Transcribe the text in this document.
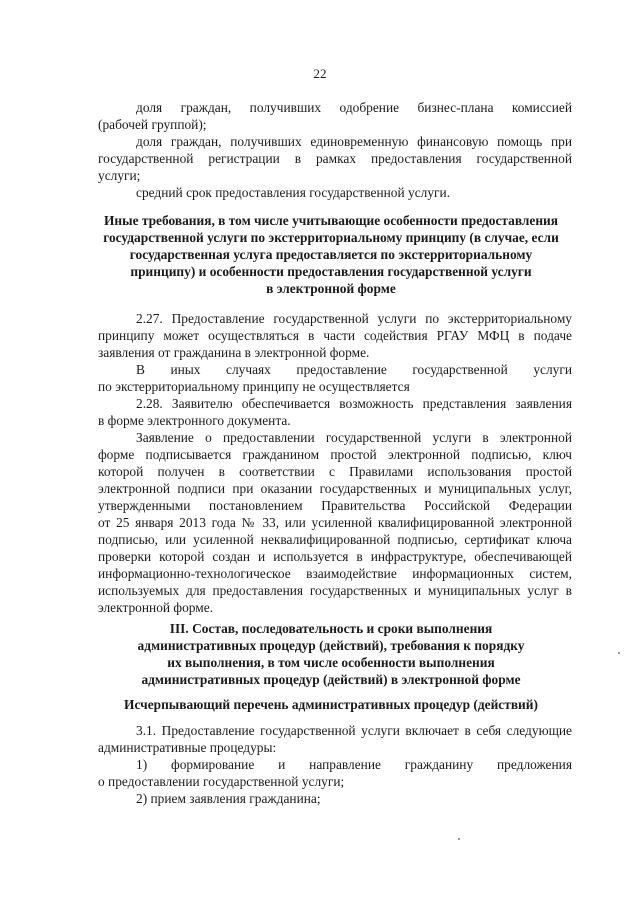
22
доля граждан, получивших одобрение бизнес-плана комиссией
(рабочей группой);
доля граждан, получивших единовременную финансовую помощь при
государственной регистрации в рамках предоставления государственной
услуги;
средний срок предоставления государственной услуги.
Иные требования, в том числе учитывающие особенности предоставления
государственной услуги по экстерриториальному принципу (в случае, если
государственная услуга предоставляется по экстерриториальному
принципу) и особенности предоставления государственной услуги
в электронной форме
2.27. Предоставление государственной услуги по экстерриториальному
принципу может осуществляться в части содействия РГАУ МФЦ в подаче
заявления от гражданина в электронной форме.
В иных случаях предоставление государственной услуги
по экстерриториальному принципу не осуществляется
2.28. Заявителю обеспечивается возможность представления заявления
в форме электронного документа.
Заявление о предоставлении государственной услуги в электронной
форме подписывается гражданином простой электронной подписью, ключ
которой получен в соответствии с Правилами использования простой
электронной подписи при оказании государственных и муниципальных услуг,
утвержденными постановлением Правительства Российской Федерации
от 25 января 2013 года № 33, или усиленной квалифицированной электронной
подписью, или усиленной неквалифицированной подписью, сертификат ключа
проверки которой создан и используется в инфраструктуре, обеспечивающей
информационно-технологическое взаимодействие информационных систем,
используемых для предоставления государственных и муниципальных услуг в
электронной форме.
III. Состав, последовательность и сроки выполнения
административных процедур (действий), требования к порядку
их выполнения, в том числе особенности выполнения
административных процедур (действий) в электронной форме
Исчерпывающий перечень административных процедур (действий)
3.1. Предоставление государственной услуги включает в себя следующие
административные процедуры:
1) формирование и направление гражданину предложения
о предоставлении государственной услуги;
2) прием заявления гражданина;
